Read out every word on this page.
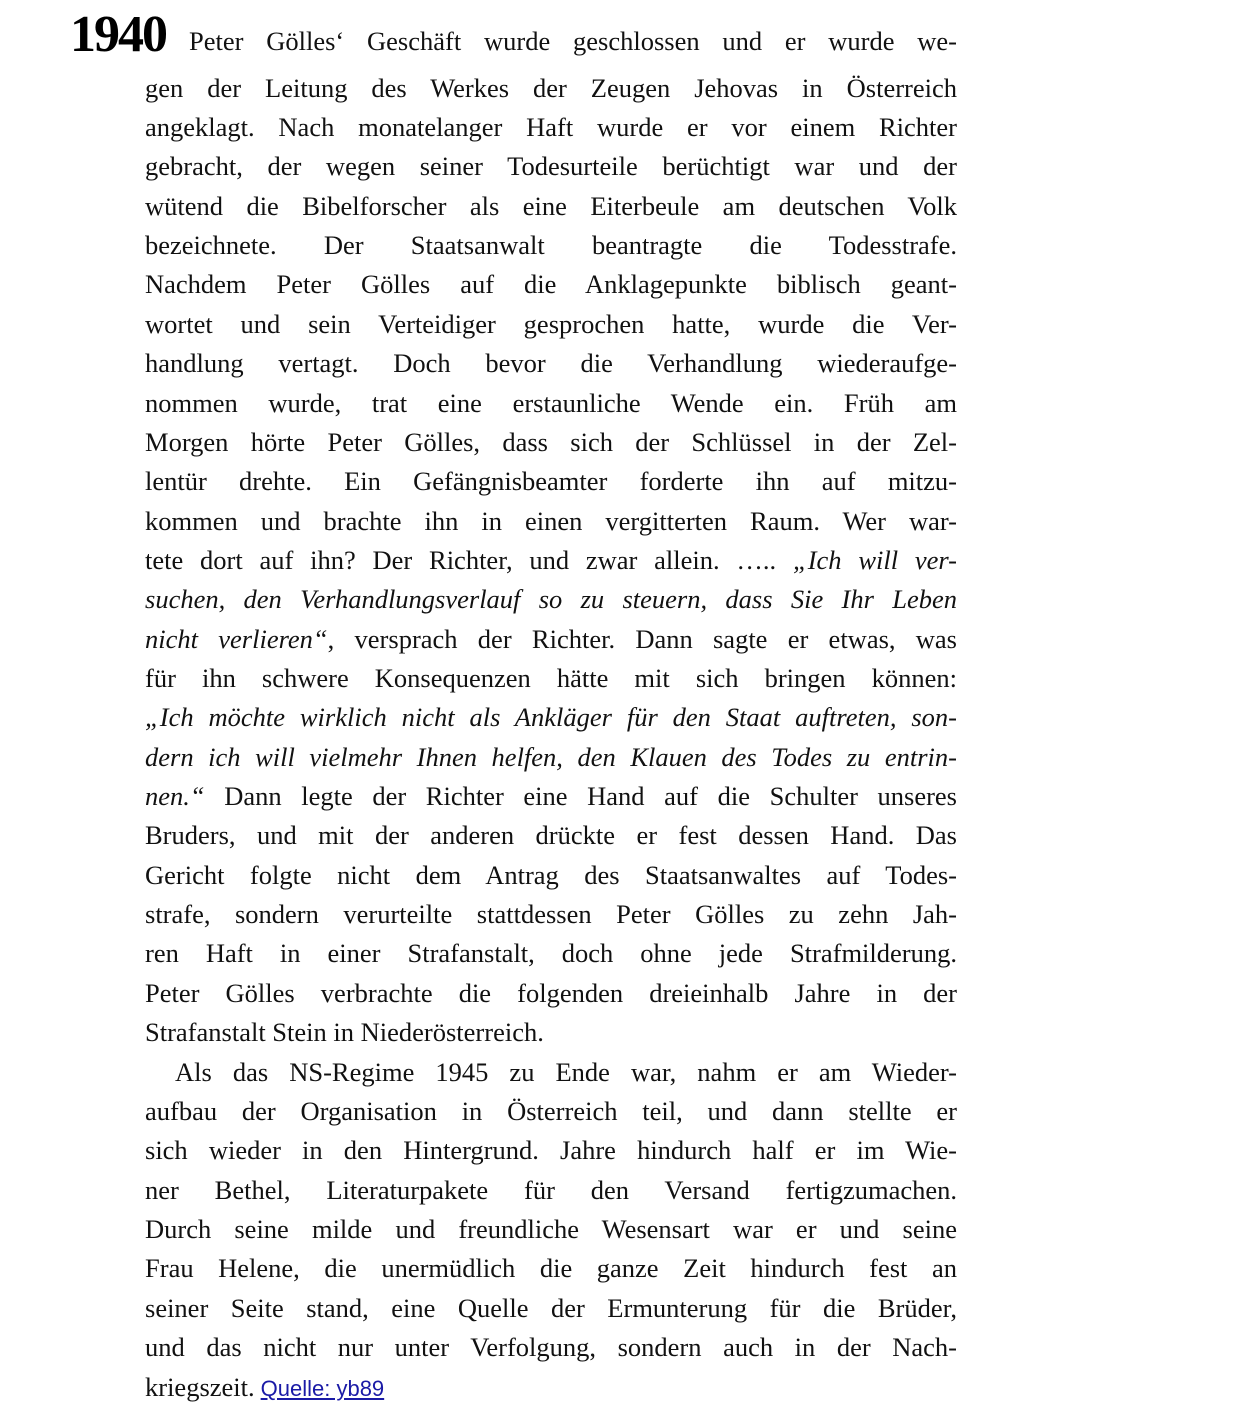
1940 Peter Gölles‘ Geschäft wurde geschlossen und er wurde we-
gen der Leitung des Werkes der Zeugen Jehovas in Österreich
angeklagt. Nach monatelanger Haft wurde er vor einem Richter
gebracht, der wegen seiner Todesurteile berüchtigt war und der
wütend die Bibelforscher als eine Eiterbeule am deutschen Volk
bezeichnete. Der Staatsanwalt beantragte die Todesstrafe.
Nachdem Peter Gölles auf die Anklagepunkte biblisch geant-
wortet und sein Verteidiger gesprochen hatte, wurde die Ver-
handlung vertagt. Doch bevor die Verhandlung wiederaufge-
nommen wurde, trat eine erstaunliche Wende ein. Früh am
Morgen hörte Peter Gölles, dass sich der Schlüssel in der Zel-
lentür drehte. Ein Gefängnisbeamter forderte ihn auf mitzu-
kommen und brachte ihn in einen vergitterten Raum. Wer war-
tete dort auf ihn? Der Richter, und zwar allein. ….. „Ich will ver-
suchen, den Verhandlungsverlauf so zu steuern, dass Sie Ihr Leben
nicht verlieren“, versprach der Richter. Dann sagte er etwas, was
für ihn schwere Konsequenzen hätte mit sich bringen können:
„Ich möchte wirklich nicht als Ankläger für den Staat auftreten, son-
dern ich will vielmehr Ihnen helfen, den Klauen des Todes zu entrin-
nen.“ Dann legte der Richter eine Hand auf die Schulter unseres
Bruders, und mit der anderen drückte er fest dessen Hand. Das
Gericht folgte nicht dem Antrag des Staatsanwaltes auf Todes-
strafe, sondern verurteilte stattdessen Peter Gölles zu zehn Jah-
ren Haft in einer Strafanstalt, doch ohne jede Strafmilderung.
Peter Gölles verbrachte die folgenden dreieinhalb Jahre in der
Strafanstalt Stein in Niederösterreich.
Als das NS-Regime 1945 zu Ende war, nahm er am Wieder-
aufbau der Organisation in Österreich teil, und dann stellte er
sich wieder in den Hintergrund. Jahre hindurch half er im Wie-
ner Bethel, Literaturpakete für den Versand fertigzumachen.
Durch seine milde und freundliche Wesensart war er und seine
Frau Helene, die unermüdlich die ganze Zeit hindurch fest an
seiner Seite stand, eine Quelle der Ermunterung für die Brüder,
und das nicht nur unter Verfolgung, sondern auch in der Nach-
kriegszeit. Quelle: yb89
